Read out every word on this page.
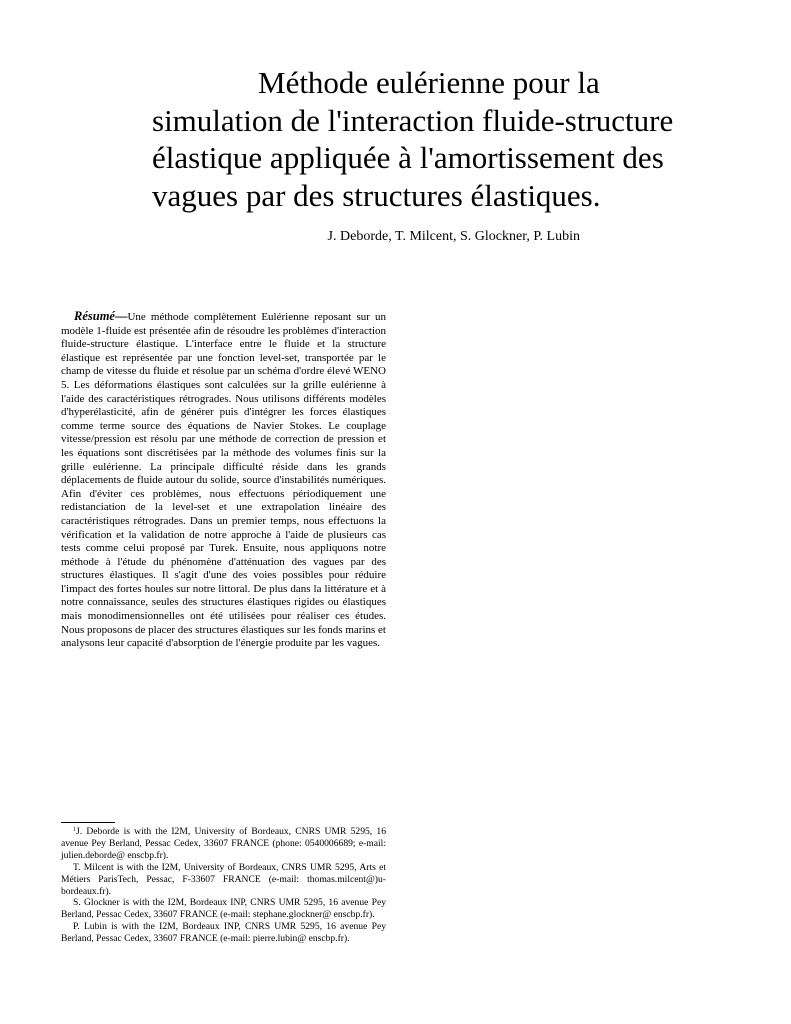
Méthode eulérienne pour la
simulation de l'interaction fluide-structure
élastique appliquée à l'amortissement des
vagues par des structures élastiques.
J. Deborde, T. Milcent, S. Glockner, P. Lubin

Résumé—Une méthode complètement Eulérienne reposant sur un modèle 1-fluide est présentée afin de résoudre les problèmes d'interaction fluide-structure élastique. L'interface entre le fluide et la structure élastique est représentée par une fonction level-set, transportée par le champ de vitesse du fluide et résolue par un schéma d'ordre élevé WENO 5. Les déformations élastiques sont calculées sur la grille eulérienne à l'aide des caractéristiques rétrogrades. Nous utilisons différents modèles d'hyperélasticité, afin de générer puis d'intégrer les forces élastiques comme terme source des équations de Navier Stokes. Le couplage vitesse/pression est résolu par une méthode de correction de pression et les équations sont discrétisées par la méthode des volumes finis sur la grille eulérienne. La principale difficulté réside dans les grands déplacements de fluide autour du solide, source d'instabilités numériques. Afin d'éviter ces problèmes, nous effectuons périodiquement une redistanciation de la level-set et une extrapolation linéaire des caractéristiques rétrogrades. Dans un premier temps, nous effectuons la vérification et la validation de notre approche à l'aide de plusieurs cas tests comme celui proposé par Turek. Ensuite, nous appliquons notre méthode à l'étude du phénomène d'atténuation des vagues par des structures élastiques. Il s'agit d'une des voies possibles pour réduire l'impact des fortes houles sur notre littoral. De plus dans la littérature et à notre connaissance, seules des structures élastiques rigides ou élastiques mais monodimensionnelles ont été utilisées pour réaliser ces études. Nous proposons de placer des structures élastiques sur les fonds marins et analysons leur capacité d'absorption de l'énergie produite par les vagues.

$^1$J. Deborde is with the I2M, University of Bordeaux, CNRS UMR 5295, 16 avenue Pey Berland, Pessac Cedex, 33607 FRANCE (phone: 0540006689; e-mail: julien.deborde@ enscbp.fr).

T. Milcent is with the I2M, University of Bordeaux, CNRS UMR 5295, Arts et Métiers ParisTech, Pessac, F-33607 FRANCE (e-mail: thomas.milcent@)u-bordeaux.fr).

S. Glockner is with the I2M, Bordeaux INP, CNRS UMR 5295, 16 avenue Pey Berland, Pessac Cedex, 33607 FRANCE (e-mail: stephane.glockner@ enscbp.fr).

P. Lubin is with the I2M, Bordeaux INP, CNRS UMR 5295, 16 avenue Pey Berland, Pessac Cedex, 33607 FRANCE (e-mail: pierre.lubin@ enscbp.fr).
